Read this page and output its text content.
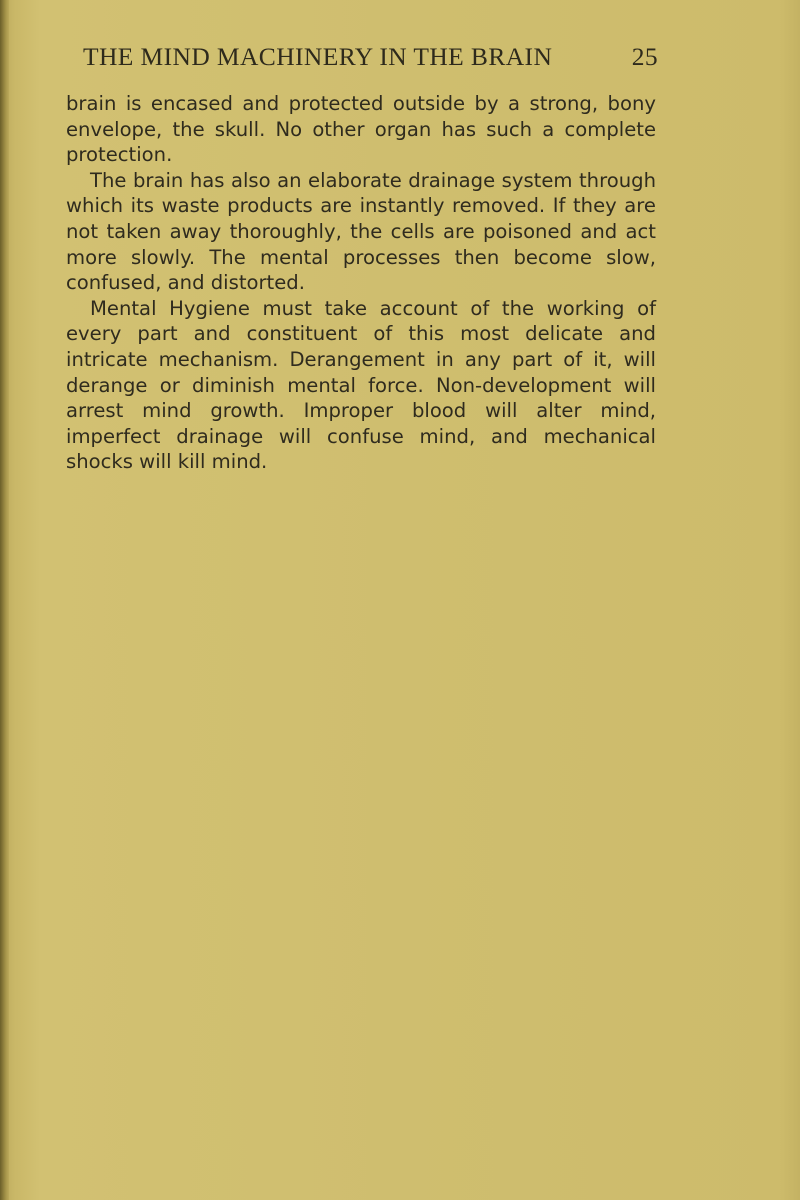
THE MIND MACHINERY IN THE BRAIN	25

brain is encased and protected outside by a strong, bony envelope, the skull. No other organ has such a complete protection.

The brain has also an elaborate drainage system through which its waste products are instantly removed. If they are not taken away thoroughly, the cells are poisoned and act more slowly. The mental processes then become slow, confused, and distorted.

Mental Hygiene must take account of the working of every part and constituent of this most delicate and intricate mechanism. Derangement in any part of it, will derange or diminish mental force. Non-development will arrest mind growth. Improper blood will alter mind, imperfect drainage will confuse mind, and mechanical shocks will kill mind.
